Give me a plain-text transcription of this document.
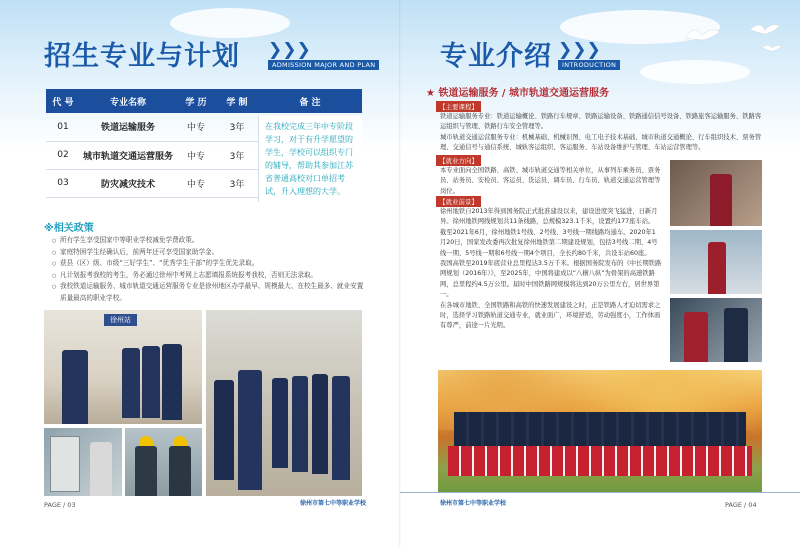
招生专业与计划 ❯❯❯
ADMISSION MAJOR AND PLAN
代 号	专业名称	学 历	学 制	备 注
01	铁道运输服务	中专	3年	
02	城市轨道交通运营服务	中专	3年	
03	防灾减灾技术	中专	3年	
在我校完成三年中专阶段学习，对于有升学愿望的学生，学校可以组织专门的辅导，帮助其参加江苏省普通高校对口单招考试，升入理想的大学。
※相关政策
○ 所有学生享受国家中等职业学校减免学费政策。
○ 家庭特困学生经确认后，前两年还可享受国家助学金。
○ 获县（区）级、市级“三好学生”、“优秀学生干部”的学生优先录取。
○ 凡计划报考我校的考生，务必通过徐州中考网上志愿填报系统报考我校，否则无法录取。
○ 我校铁道运输服务、城市轨道交通运营服务专业是徐州地区办学最早、规模最大、在校生最多、就业安置质量最高的职业学校。
徐州站
PAGE / 03	徐州市第七中等职业学校
专业介绍 ❯❯❯
INTRODUCTION
★ 铁道运输服务 / 城市轨道交通运营服务
【主要课程】
铁道运输服务专业：铁道运输概论、铁路行车规章、铁路运输设备、铁路通信信号设备、铁路旅客运输服务、铁路客运组织与管理、铁路行车安全管理等。
城市轨道交通运营服务专业：机械基础、机械识图、电工电子技术基础、城市轨道交通概论、行车组织技术、票务管理、交通信号与通信系统、城轨客运组织、客运服务、车站设备维护与管理、车站运营管理等。
【就业方向】
本专业面向全国铁路、高铁、城市轨道交通等相关单位，从事列车乘务员、票务员、站务员、安检员、客运员、货运员、调车员、行车员、轨道交通运营管理等岗位。
【就业前景】
徐州地铁自2013年得到国务院正式批准建设以来，建设进度突飞猛进，日新月异。徐州地铁网线规划共11条线路，总规模323.1千米，设置约177座车站。
截至2021年6月，徐州地铁1号线、2号线、3号线一期线路均通车。2020年1月20日，国家发改委再次批复徐州地铁第二期建设规划，包括3号线二期、4号线一期、5号线一期和6号线一期4个项目，全长约80千米，共设车站60座。
我国高铁至2019年底营业总里程达3.5万千米。根据国务院发布的《中长期铁路网规划（2016年）》，至2025年，中国将建成以“八横八纵”为骨架的高速铁路网，总里程约4.5万公里。届时中国铁路网规模将达到20万公里左右，居世界第一。
在各城市地铁、全国铁路和高铁的快速发展建设之时，正是铁路人才迫切需求之时，选择学习铁路轨道交通专业，就业面广，环境舒适，劳动强度小，工作体面有尊严，前途一片光明。
徐州市第七中等职业学校	PAGE / 04
